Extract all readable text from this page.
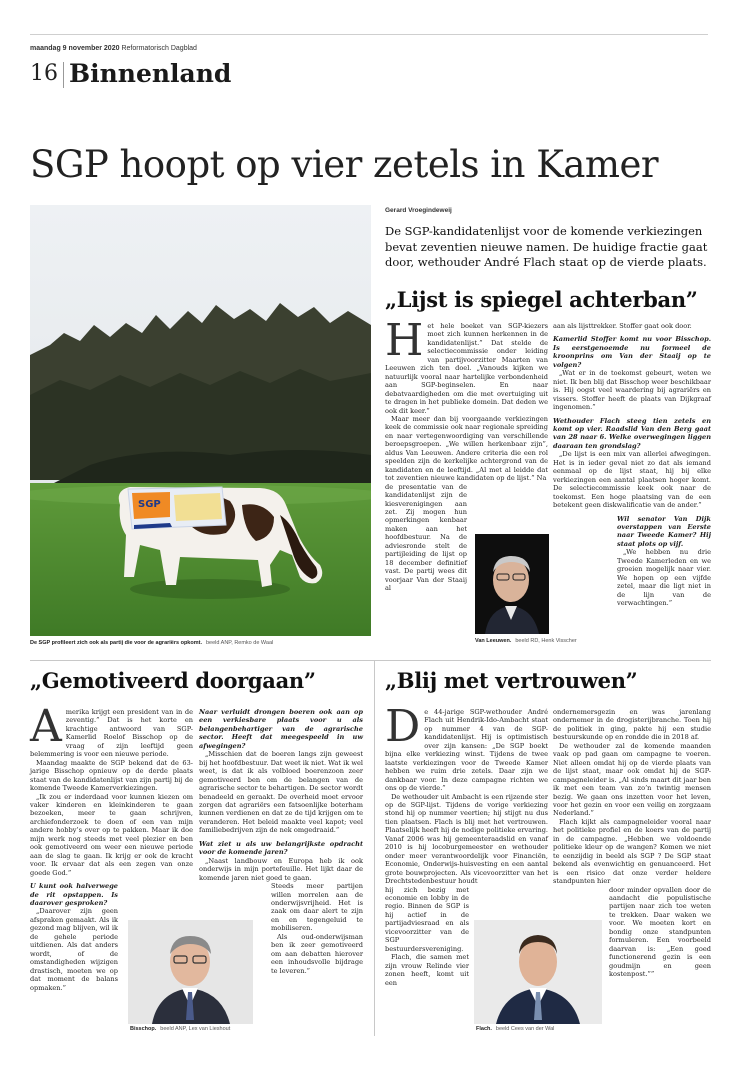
maandag 9 november 2020 Reformatorisch Dagblad
16 Binnenland
SGP hoopt op vier zetels in Kamer
SGP
De SGP profileert zich ook als partij die voor de agrariërs opkomt. beeld ANP, Remko de Waal
Gerard Vroegindeweij
De SGP-kandidatenlijst voor de komende verkiezingen bevat zeventien nieuwe namen. De huidige fractie gaat door, wethouder André Flach staat op de vierde plaats.
„Lijst is spiegel achterban”
H et hele boeket van SGP-kiezers moet zich kunnen herkennen in de kandidatenlijst.” Dat stelde de selectiecommissie onder leiding van partijvoorzitter Maarten van Leeuwen zich ten doel. „Vanouds kijken we natuurlijk vooral naar hartelijke verbondenheid aan SGP-beginselen. En naar debatvaardigheden om die met overtuiging uit te dragen in het publieke domein. Dat deden we ook dit keer.”

Maar meer dan bij voorgaande verkiezingen keek de commissie ook naar regionale spreiding en naar vertegenwoordiging van verschillende beroepsgroepen. „We willen herkenbaar zijn”, aldus Van Leeuwen. Andere criteria die een rol speelden zijn de kerkelijke achtergrond van de kandidaten en de leeftijd. „Al met al leidde dat tot zeventien nieuwe kandidaten op de lijst.” Na

de presentatie van de kandidatenlijst zijn de kiesverenigingen aan zet. Zij mogen hun opmerkingen kenbaar maken aan het hoofdbestuur. Na de adviesronde stelt de partijleiding de lijst op 18 december definitief vast. De partij wees dit voorjaar Van der Staaij al

Van Leeuwen. beeld RD, Henk Visscher

aan als lijsttrekker. Stoffer gaat ook door.

Kamerlid Stoffer komt nu voor Bisschop. Is eerstgenoemde nu formeel de kroonprins om Van der Staaij op te volgen?

„Wat er in de toekomst gebeurt, weten we niet. Ik ben blij dat Bisschop weer beschikbaar is. Hij oogst veel waardering bij agrariërs en vissers. Stoffer heeft de plaats van Dijkgraaf ingenomen.”

Wethouder Flach steeg tien zetels en komt op vier. Raadslid Van den Berg gaat van 28 naar 6. Welke overwegingen liggen daaraan ten grondslag?

„De lijst is een mix van allerlei afwegingen. Het is in ieder geval niet zo dat als iemand eenmaal op de lijst staat, hij bij elke verkiezingen een aantal plaatsen hoger komt. De selectiecommissie keek ook naar de toekomst. Een hoge plaatsing van de een betekent geen diskwalificatie van de ander.”

Wil senator Van Dijk overstappen van Eerste naar Tweede Kamer? Hij staat plots op vijf.

„We hebben nu drie Tweede Kamerleden en we groeien mogelijk naar vier. We hopen op een vijfde zetel, maar die ligt niet in de lijn van de verwachtingen.”

„Gemotiveerd doorgaan”
A merika krijgt een president van in de zeventig.” Dat is het korte en krachtige antwoord van SGP-Kamerlid Roelof Bisschop op de vraag of zijn leeftijd geen belemmering is voor een nieuwe periode.

Maandag maakte de SGP bekend dat de 63-jarige Bisschop opnieuw op de derde plaats staat van de kandidatenlijst van zijn partij bij de komende Tweede Kamerverkiezingen.

„Ik zou er inderdaad voor kunnen kiezen om vaker kinderen en kleinkinderen te gaan bezoeken, meer te gaan schrijven, archiefonderzoek te doen of een van mijn andere hobby’s over op te pakken. Maar ik doe mijn werk nog steeds met veel plezier en ben ook gemotiveerd om weer een nieuwe periode aan de slag te gaan. Ik krijg er ook de kracht voor. Ik ervaar dat als een zegen van onze goede God.”

U kunt ook halverwege de rit opstappen. Is daarover gesproken?

„Daarover zijn geen afspraken gemaakt. Als ik gezond mag blijven, wil ik de gehele periode uitdienen. Als dat anders wordt, of de omstandigheden wijzigen drastisch, moeten we op dat moment de balans opmaken.”

Bisschop. beeld ANP, Lex van Lieshout

Naar verluidt drongen boeren ook aan op een verkiesbare plaats voor u als belangenbehartiger van de agrarische sector. Heeft dat meegespeeld in uw afwegingen?

„Misschien dat de boeren langs zijn geweest bij het hoofdbestuur. Dat weet ik niet. Wat ik wel weet, is dat ik als volbloed boerenzoon zeer gemotiveerd ben om de belangen van de agrarische sector te behartigen. De sector wordt benadeeld en geraakt. De overheid moet ervoor zorgen dat agrariërs een fatsoenlijke boterham kunnen verdienen en dat ze de tijd krijgen om te veranderen. Het beleid maakte veel kapot; veel familiebedrijven zijn de nek omgedraaid.”

Wat ziet u als uw belangrijkste opdracht voor de komende jaren?

„Naast landbouw en Europa heb ik ook onderwijs in mijn portefeuille. Het lijkt daar de komende jaren niet goed te gaan.

Steeds meer partijen willen morrelen aan de onderwijsvrijheid. Het is zaak om daar alert te zijn en en tegengeluid te mobiliseren.

Als oud-onderwijsman ben ik zeer gemotiveerd om aan debatten hierover een inhoudsvolle bijdrage te leveren.”

„Blij met vertrouwen”
D e 44-jarige SGP-wethouder André Flach uit Hendrik-Ido-Ambacht staat op nummer 4 van de SGP-kandidatenlijst. Hij is optimistisch over zijn kansen: „De SGP boekt bijna elke verkiezing winst. Tijdens de twee laatste verkiezingen voor de Tweede Kamer hebben we ruim drie zetels. Daar zijn we dankbaar voor. In deze campagne richten we ons op de vierde.”

De wethouder uit Ambacht is een rijzende ster op de SGP-lijst. Tijdens de vorige verkiezing stond hij op nummer veertien; hij stijgt nu dus tien plaatsen. Flach is blij met het vertrouwen. Plaatselijk heeft hij de nodige politieke ervaring. Vanaf 2006 was hij gemeenteraadslid en vanaf 2010 is hij locoburgemeester en wethouder onder meer verantwoordelijk voor Financiën, Economie, Onderwijs-huisvesting en een aantal grote bouwprojecten. Als vicevoorzitter van het Drechtstedenbestuur houdt

hij zich bezig met economie en lobby in de regio. Binnen de SGP is hij actief in de partijadviesraad en als vicevoorzitter van de SGP bestuurdersvereniging.

Flach, die samen met zijn vrouw Relinde vier zonen heeft, komt uit een

Flach. beeld Cees van der Wal

ondernemersgezin en was jarenlang ondernemer in de drogisterijbranche. Toen hij de politiek in ging, pakte hij een studie bestuurskunde op en rondde die in 2018 af.

De wethouder zal de komende maanden vaak op pad gaan om campagne te voeren. Niet alleen omdat hij op de vierde plaats van de lijst staat, maar ook omdat hij de SGP-campagneleider is. „Al sinds maart dit jaar ben ik met een team van zo’n twintig mensen bezig. We gaan ons inzetten voor het leven, voor het gezin en voor een veilig en zorgzaam Nederland.”

Flach kijkt als campagneleider vooral naar het politieke profiel en de koers van de partij in de campagne. „Hebben we voldoende politieke kleur op de wangen? Komen we niet te eenzijdig in beeld als SGP ? De SGP staat bekend als evenwichtig en genuanceerd. Het is een risico dat onze verder heldere standpunten hier

door minder opvallen door de aandacht die populistische partijen naar zich toe weten te trekken. Daar waken we voor. We moeten kort en bondig onze standpunten formuleren. Een voorbeeld daarvan is: „Een goed functionerend gezin is een goudmijn en geen kostenpost.””
